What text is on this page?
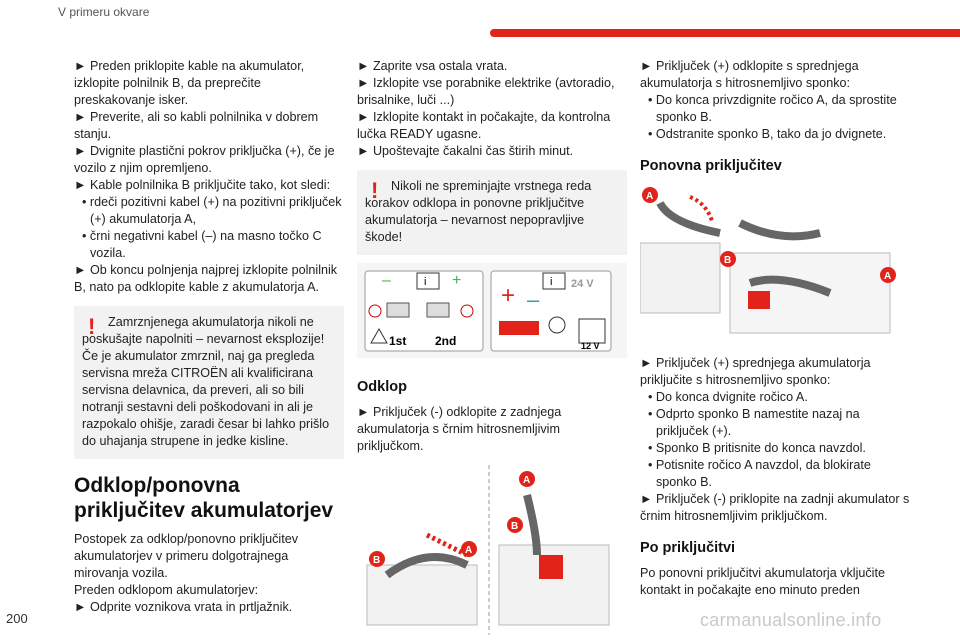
V primeru okvare
200	carmanualsonline.info
► Preden priklopite kable na akumulator, izklopite polnilnik B, da preprečite preskakovanje isker.
► Preverite, ali so kabli polnilnika v dobrem stanju.
► Dvignite plastični pokrov priključka (+), če je vozilo z njim opremljeno.
► Kable polnilnika B priključite tako, kot sledi:
• rdeči pozitivni kabel (+) na pozitivni priključek (+) akumulatorja A,
• črni negativni kabel (–) na masno točko C vozila.
► Ob koncu polnjenja najprej izklopite polnilnik B, nato pa odklopite kable z akumulatorja A.
!	Zamrznjenega akumulatorja nikoli ne poskušajte napolniti – nevarnost eksplozije!
Če je akumulator zmrznil, naj ga pregleda servisna mreža CITROËN ali kvalificirana servisna delavnica, da preveri, ali so bili notranji sestavni deli poškodovani in ali je razpokalo ohišje, zaradi česar bi lahko prišlo do uhajanja strupene in jedke kisline.
Odklop/ponovna priključitev akumulatorjev
Postopek za odklop/ponovno priključitev akumulatorjev v primeru dolgotrajnega mirovanja vozila.
Preden odklopom akumulatorjev:
► Odprite voznikova vrata in prtljažnik.
► Zaprite vsa ostala vrata.
► Izklopite vse porabnike elektrike (avtoradio, brisalnike, luči ...)
► Izklopite kontakt in počakajte, da kontrolna lučka READY ugasne.
► Upoštevajte čakalni čas štirih minut.
!	Nikoli ne spreminjajte vrstnega reda korakov odklopa in ponovne priključitve akumulatorja – nevarnost nepopravljive škode!
–	+
i
1st 2nd
+ –
i 24 V
12 V
Odklop
► Priključek (-) odklopite z zadnjega akumulatorja s črnim hitrosnemljivim priključkom.
A
B
A
B
► Priključek (+) odklopite s sprednjega akumulatorja s hitrosnemljivo sponko:
• Do konca privzdignite ročico A, da sprostite sponko B.
• Odstranite sponko B, tako da jo dvignete.
Ponovna priključitev
A
B
A
► Priključek (+) sprednjega akumulatorja priključite s hitrosnemljivo sponko:
• Do konca dvignite ročico A.
• Odprto sponko B namestite nazaj na priključek (+).
• Sponko B pritisnite do konca navzdol.
• Potisnite ročico A navzdol, da blokirate sponko B.
► Priključek (-) priklopite na zadnji akumulator s črnim hitrosnemljivim priključkom.
Po priključitvi
Po ponovni priključitvi akumulatorja vključite kontakt in počakajte eno minuto preden
